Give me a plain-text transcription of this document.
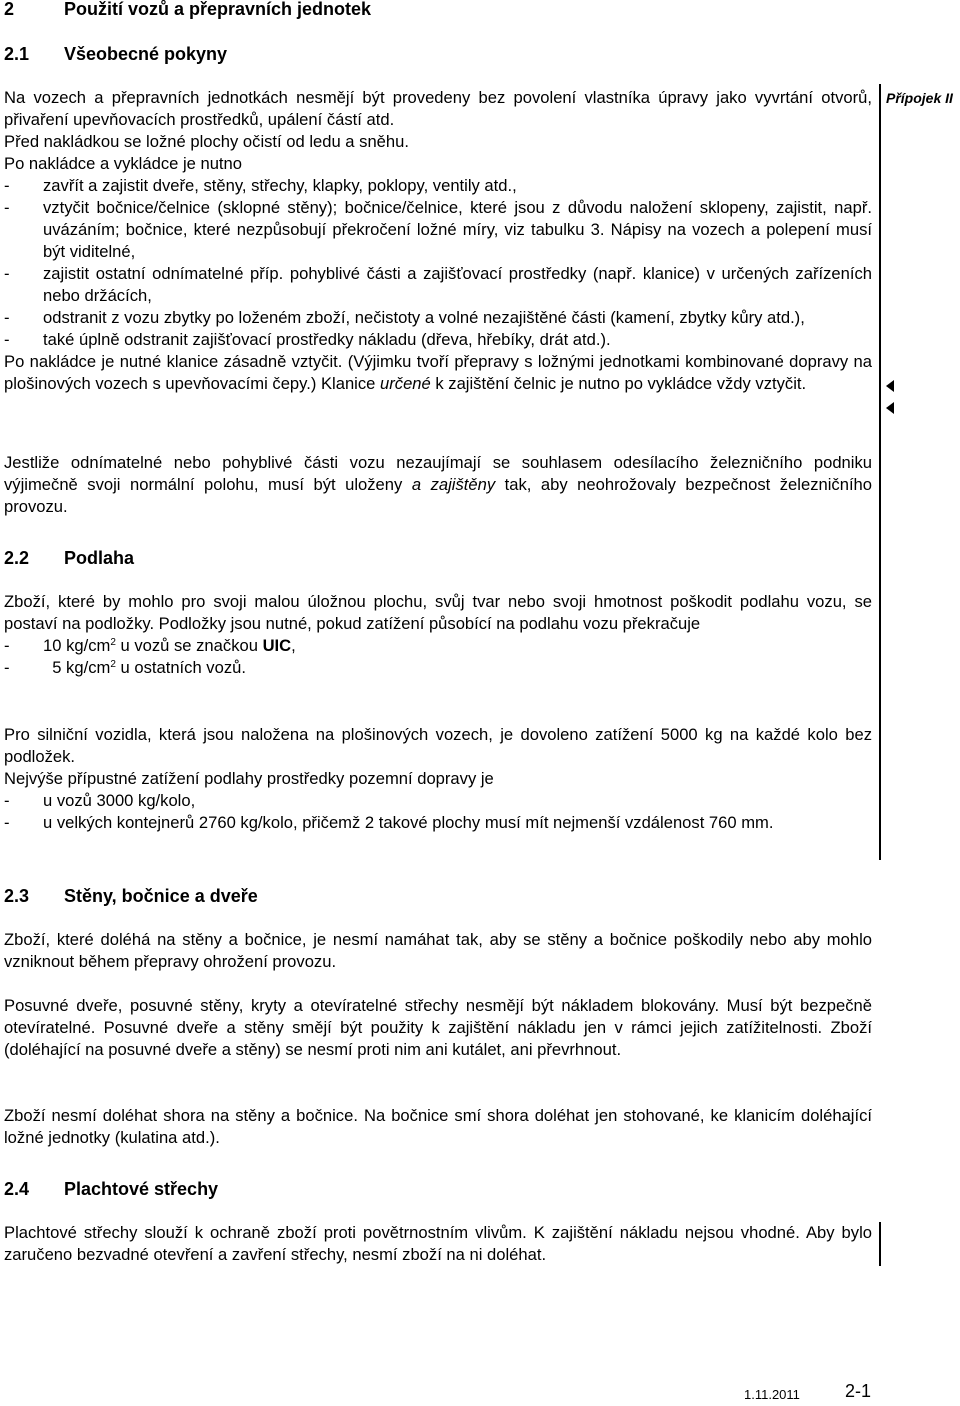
2	Použití vozů a přepravních jednotek
2.1 Všeobecné pokyny

Na vozech a přepravních jednotkách nesmějí být provedeny bez povolení vlastníka úpravy jako vyvrtání otvorů, přivaření upevňovacích prostředků, upálení částí atd.

Před nakládkou se ložné plochy očistí od ledu a sněhu.

Po nakládce a vykládce je nutno

- zavřít a zajistit dveře, stěny, střechy, klapky, poklopy, ventily atd.,
- vztyčit bočnice/čelnice (sklopné stěny); bočnice/čelnice, které jsou z důvodu naložení sklopeny, zajistit, např. uvázáním; bočnice, které nezpůsobují překročení ložné míry, viz tabulku 3. Nápisy na vozech a polepení musí být viditelné,
- zajistit ostatní odnímatelné příp. pohyblivé části a zajišťovací prostředky (např. klanice) v určených zařízeních nebo držácích,
- odstranit z vozu zbytky po loženém zboží, nečistoty a volné nezajištěné části (kamení, zbytky kůry atd.),
- také úplně odstranit zajišťovací prostředky nákladu (dřeva, hřebíky, drát atd.).

Po nakládce je nutné klanice zásadně vztyčit. (Výjimku tvoří přepravy s ložnými jednotkami kombinované dopravy na plošinových vozech s upevňovacími čepy.) Klanice určené k zajištění čelnic je nutno po vykládce vždy vztyčit.

Jestliže odnímatelné nebo pohyblivé části vozu nezaujímají se souhlasem odesílacího železničního podniku výjimečně svoji normální polohu, musí být uloženy a zajištěny tak, aby neohrožovaly bezpečnost železničního provozu.

2.2 Podlaha

Zboží, které by mohlo pro svoji malou úložnou plochu, svůj tvar nebo svoji hmotnost poškodit podlahu vozu, se postaví na podložky. Podložky jsou nutné, pokud zatížení působící na podlahu vozu překračuje

- 10 $kg/cm^2$ u vozů se značkou UIC,
- 5 $kg/cm^2$ u ostatních vozů.

Pro silniční vozidla, která jsou naložena na plošinových vozech, je dovoleno zatížení 5000 kg na každé kolo bez podložek.

Nejvýše přípustné zatížení podlahy prostředky pozemní dopravy je

- u vozů 3000 kg/kolo,
- u velkých kontejnerů 2760 kg/kolo, přičemž 2 takové plochy musí mít nejmenší vzdálenost 760 mm.
2.3 Stěny, bočnice a dveře

Zboží, které doléhá na stěny a bočnice, je nesmí namáhat tak, aby se stěny a bočnice poškodily nebo aby mohlo vzniknout během přepravy ohrožení provozu.

Posuvné dveře, posuvné stěny, kryty a otevíratelné střechy nesmějí být nákladem blokovány. Musí být bezpečně otevíratelné. Posuvné dveře a stěny smějí být použity k zajištění nákladu jen v rámci jejich zatížitelnosti. Zboží (doléhající na posuvné dveře a stěny) se nesmí proti nim ani kutálet, ani převrhnout.

Zboží nesmí doléhat shora na stěny a bočnice. Na bočnice smí shora doléhat jen stohované, ke klanicím doléhající ložné jednotky (kulatina atd.).

2.4 Plachtové střechy

Plachtové střechy slouží k ochraně zboží proti povětrnostním vlivům. K zajištění nákladu nejsou vhodné. Aby bylo zaručeno bezvadné otevření a zavření střechy, nesmí zboží na ni doléhat.

Přípojek II
1.11.2011	2-1
